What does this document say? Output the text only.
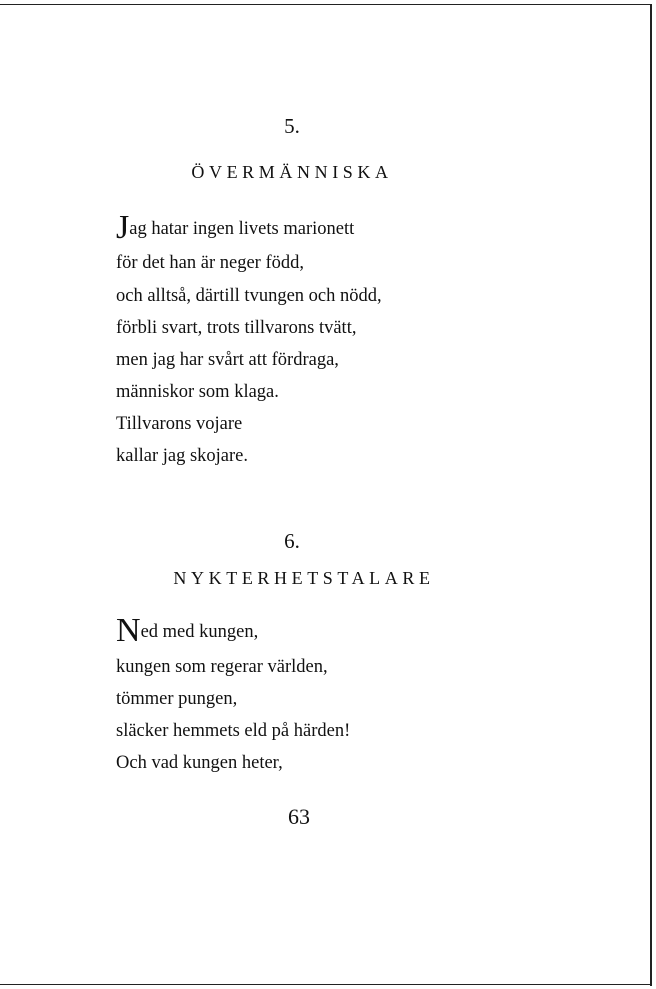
5.
ÖVERMÄNNISKA
Jag hatar ingen livets marionett
för det han är neger född,
och alltså, därtill tvungen och nödd,
förbli svart, trots tillvarons tvätt,
men jag har svårt att fördraga,
människor som klaga.
Tillvarons vojare
kallar jag skojare.
6.
NYKTERHETSTALARE
Ned med kungen,
kungen som regerar världen,
tömmer pungen,
släcker hemmets eld på härden!
Och vad kungen heter,
63
